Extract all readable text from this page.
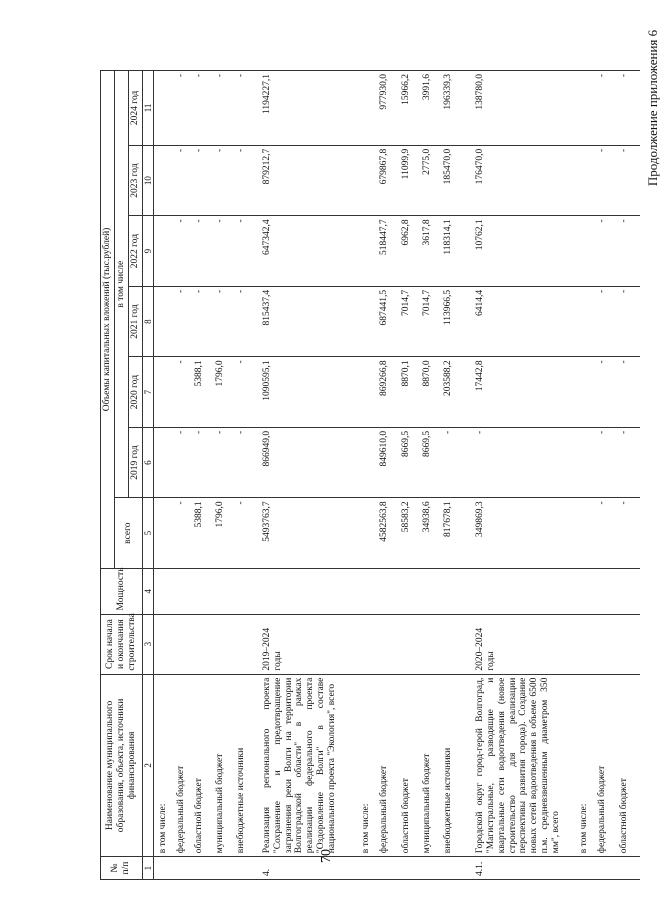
70
Продолжение приложения 6
№ п/п	Наименование муниципального образования, объекта, источники финансирования	Срок начала и окончания строительства	Мощность	Объемы капитальных вложений (тыс.рублей)						
				всего	в том числе					
					2019 год	2020 год	2021 год	2022 год	2023 год	2024 год
1	2	3	4	5	6	7	8	9	10	11
	в том числе:									
	федеральный бюджет			-	-	-	-	-	-	-
	областной бюджет			5388,1	-	5388,1	-	-	-	-
	муниципальный бюджет			1796,0	-	1796,0	-	-	-	-
	внебюджетные источники			-	-	-	-	-	-	-
4.	Реализация регионального проекта "Сохранение и предотвращение загрязнения реки Волги на территории Волгоградской области" в рамках реализации федерального проекта "Оздоровление Волги" в составе национального проекта "Экология", всего	2019–2024 годы		5493763,7	866949,0	1090595,1	815437,4	647342,4	879212,7	1194227,1
	в том числе:									
	федеральный бюджет			4582563,8	849610,0	869266,8	687441,5	518447,7	679867,8	977930,0
	областной бюджет			58583,2	8669,5	8870,1	7014,7	6962,8	11099,9	15966,2
	муниципальный бюджет			34938,6	8669,5	8870,0	7014,7	3617,8	2775,0	3991,6
	внебюджетные источники			817678,1	-	203588,2	113966,5	118314,1	185470,0	196339,3
4.1.	Городской округ город-герой Волгоград, "Магистральные, разводящие и квартальные сети водоотведения (новое строительство для реализации перспективы развития города). Создание новых сетей водоотведения в объеме 6500 п.м. средневзвешенным диаметром 350 мм", всего	2020–2024 годы		349869,3	-	17442,8	6414,4	10762,1	176470,0	138780,0
	в том числе:									
	федеральный бюджет			-	-	-	-	-	-	-
	областной бюджет			-	-	-	-	-	-	-
